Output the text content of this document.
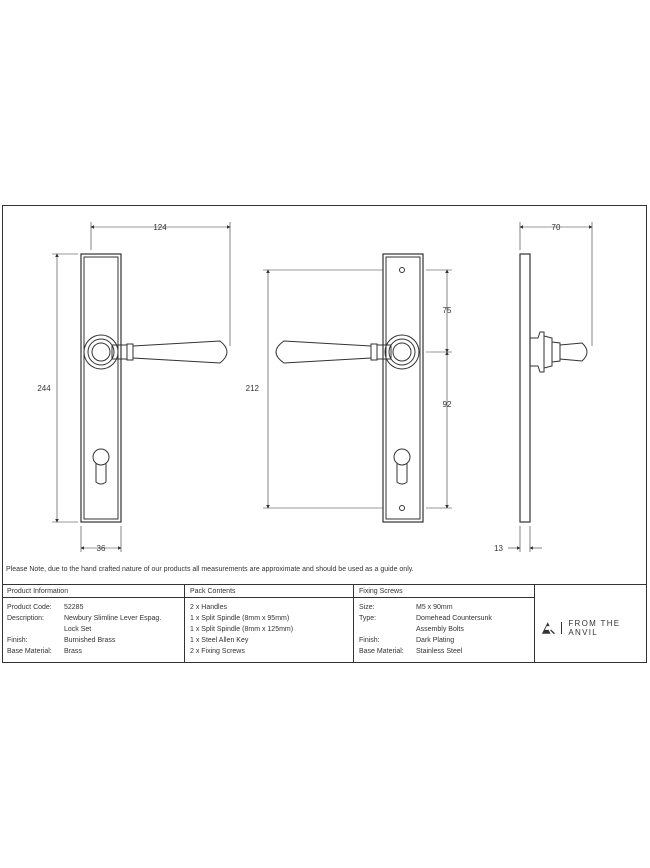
124
244
36
212
75
92
70
13
Please Note, due to the hand crafted nature of our products all measurements are approximate and should be used as a guide only.
Product Information
Product Code: 52285
Description:	Newbury Slimline Lever Espag.
Lock Set
Finish:	Burnished Brass
Base Material: Brass
Pack Contents
2 x Handles
1 x Split Spindle (8mm x 95mm)
1 x Split Spindle (8mm x 125mm)
1 x Steel Allen Key
2 x Fixing Screws
Fixing Screws
Size:	M5 x 90mm
Type:	Domehead Countersunk
Assembly Bolts
Finish:	Dark Plating
Base Material: Stainless Steel
FROM THE ANVIL
